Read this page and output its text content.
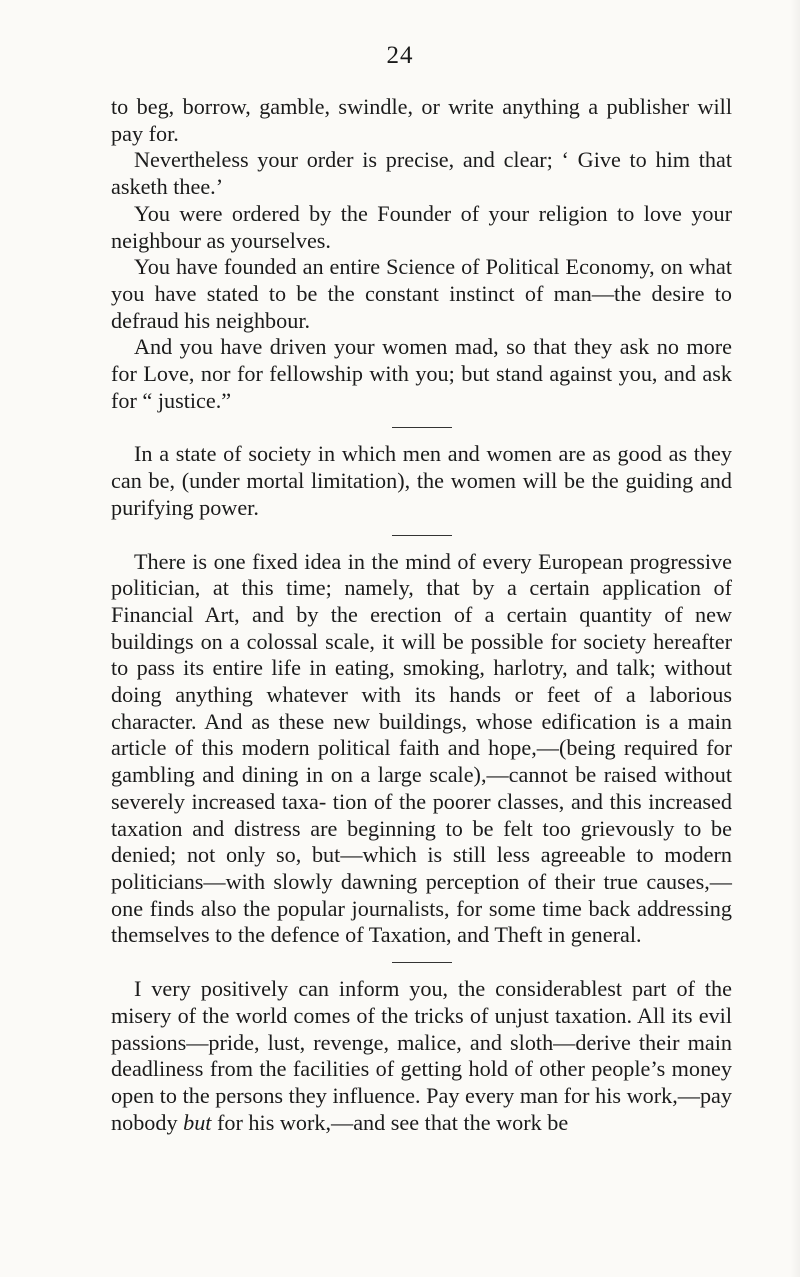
24

to beg, borrow, gamble, swindle, or write anything a publisher will pay for.

Nevertheless your order is precise, and clear; ‘ Give to him that asketh thee.’

You were ordered by the Founder of your religion to love your neighbour as yourselves.

You have founded an entire Science of Political Economy, on what you have stated to be the constant instinct of man—the desire to defraud his neighbour.

And you have driven your women mad, so that they ask no more for Love, nor for fellowship with you; but stand against you, and ask for “ justice.”

In a state of society in which men and women are as good as they can be, (under mortal limitation), the women will be the guiding and purifying power.

There is one fixed idea in the mind of every European progressive politician, at this time; namely, that by a certain application of Financial Art, and by the erection of a certain quantity of new buildings on a colossal scale, it will be possible for society hereafter to pass its entire life in eating, smoking, harlotry, and talk; without doing anything whatever with its hands or feet of a laborious character. And as these new buildings, whose edification is a main article of this modern political faith and hope,—(being required for gambling and dining in on a large scale),—cannot be raised without severely increased taxa- tion of the poorer classes, and this increased taxation and distress are beginning to be felt too grievously to be denied; not only so, but—which is still less agreeable to modern politicians—with slowly dawning perception of their true causes,—one finds also the popular journalists, for some time back addressing themselves to the defence of Taxation, and Theft in general.

I very positively can inform you, the considerablest part of the misery of the world comes of the tricks of unjust taxation. All its evil passions—pride, lust, revenge, malice, and sloth—derive their main deadliness from the facilities of getting hold of other people’s money open to the persons they influence. Pay every man for his work,—pay nobody but for his work,—and see that the work be
